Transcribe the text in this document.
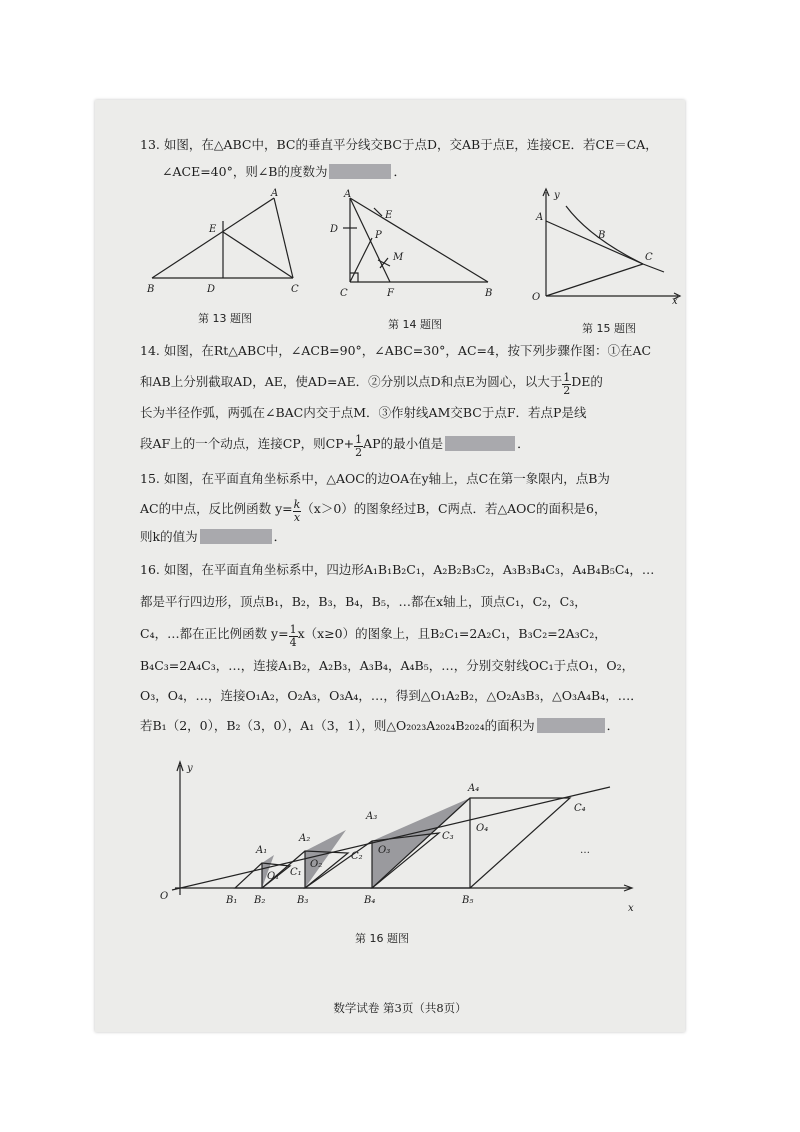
13. 如图，在△ABC中，BC的垂直平分线交BC于点D，交AB于点E，连接CE．若CE＝CA，
∠ACE=40°，则∠B的度数为	．
A
B	C
D
E
第 13 题图
A
D
E
P
M
C	F	B
第 14 题图
y
A
B
C
O	x
第 15 题图
14. 如图，在Rt△ABC中，∠ACB=90°，∠ABC=30°，AC=4，按下列步骤作图：①在AC
和AB上分别截取AD，AE，使AD=AE．②分别以点D和点E为圆心，以大于 $\frac{1}{2}$ DE的
长为半径作弧，两弧在∠BAC内交于点M．③作射线AM交BC于点F．若点P是线
段AF上的一个动点，连接CP，则$CP+ \frac{1}{2}$ AP的最小值是	．
15. 如图，在平面直角坐标系中，△AOC的边OA在y轴上，点C在第一象限内，点B为
AC的中点，反比例函数 $y= \frac{k}{x} (x>0)$的图象经过B，C两点．若△AOC的面积是6，
则k的值为	．
16. 如图，在平面直角坐标系中，四边形A₁B₁B₂C₁，A₂B₂B₃C₂，A₃B₃B₄C₃，A₄B₄B₅C₄，…
都是平行四边形，顶点B₁，B₂，B₃，B₄，B₅，…都在x轴上，顶点C₁，C₂，C₃，
C₄，…都在正比例函数 $y= \frac{1}{4} x(x\ge 0)$的图象上，且B₂C₁=2A₂C₁，B₃C₂=2A₃C₂，
B₄C₃=2A₄C₃，…，连接A₁B₂，A₂B₃，A₃B₄，A₄B₅，…，分别交射线OC₁于点O₁，O₂，
O₃，O₄，…，连接O₁A₂，O₂A₃，O₃A₄，…，得到△O₁A₂B₂，△O₂A₃B₃，△O₃A₄B₄，…．
若B₁（2，0），B₂（3，0），A₁（3，1），则△O₂₀₂₃A₂₀₂₄B₂₀₂₄的面积为	．
y
O
x
B₁ B₂	B₃	B₄	B₅
A₁
A₂
A₃
A₄
C₁
C₂
C₃
C₄
O₁
O₂
O₃
O₄
…
第 16 题图
数学试卷 第3页（共8页）
